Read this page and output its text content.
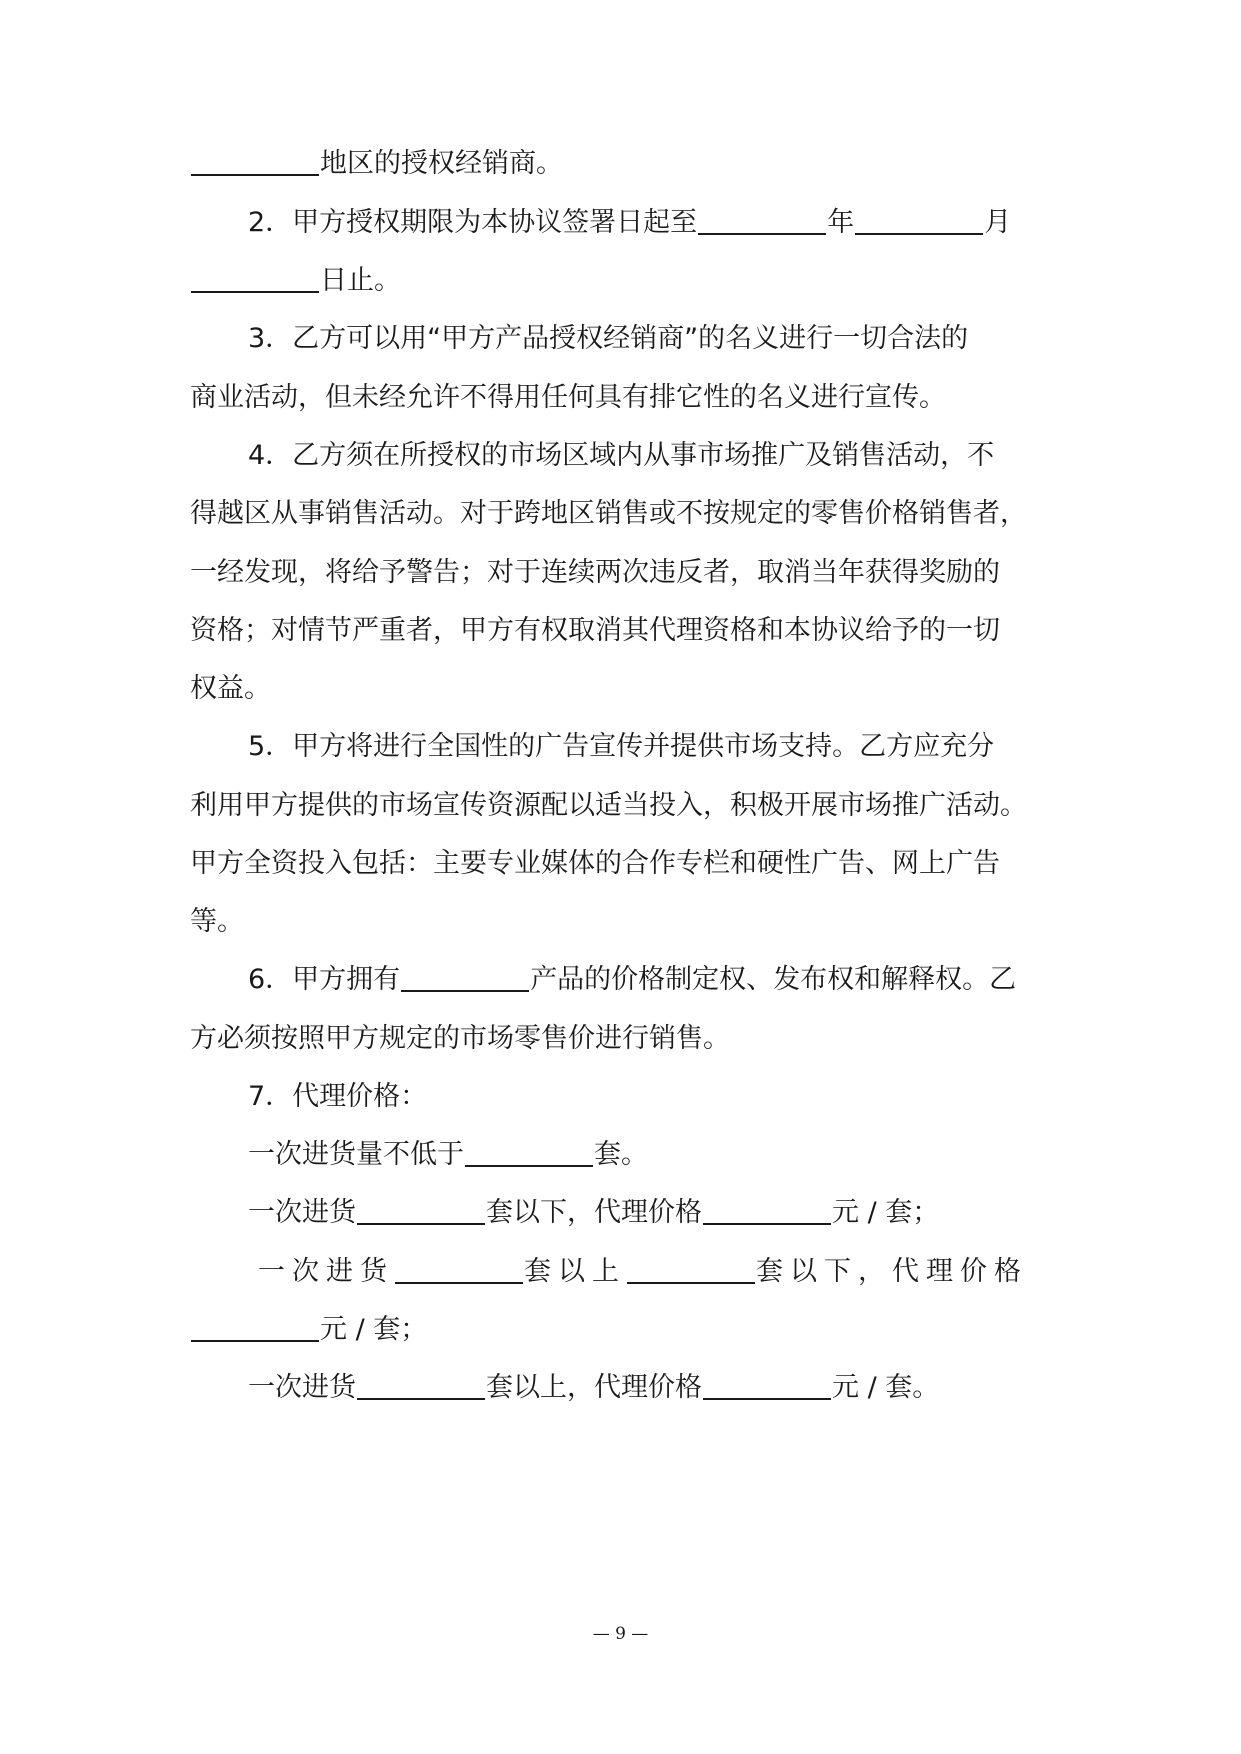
地区的授权经销商。
2．甲方授权期限为本协议签署日起至	年	月
日止。
3．乙方可以用“甲方产品授权经销商”的名义进行一切合法的
商业活动，但未经允许不得用任何具有排它性的名义进行宣传。
4．乙方须在所授权的市场区域内从事市场推广及销售活动，不
得越区从事销售活动。对于跨地区销售或不按规定的零售价格销售者，
一经发现，将给予警告；对于连续两次违反者，取消当年获得奖励的
资格；对情节严重者，甲方有权取消其代理资格和本协议给予的一切
权益。
5．甲方将进行全国性的广告宣传并提供市场支持。乙方应充分
利用甲方提供的市场宣传资源配以适当投入，积极开展市场推广活动。
甲方全资投入包括：主要专业媒体的合作专栏和硬性广告、网上广告
等。
6．甲方拥有	产品的价格制定权、发布权和解释权。乙
方必须按照甲方规定的市场零售价进行销售。
7．代理价格：
一次进货量不低于	套。
一次进货	套以下，代理价格	元 / 套；
一次进货	套以上	套以下，代理价格
元 / 套；
一次进货	套以上，代理价格	元 / 套。
— 9 —
